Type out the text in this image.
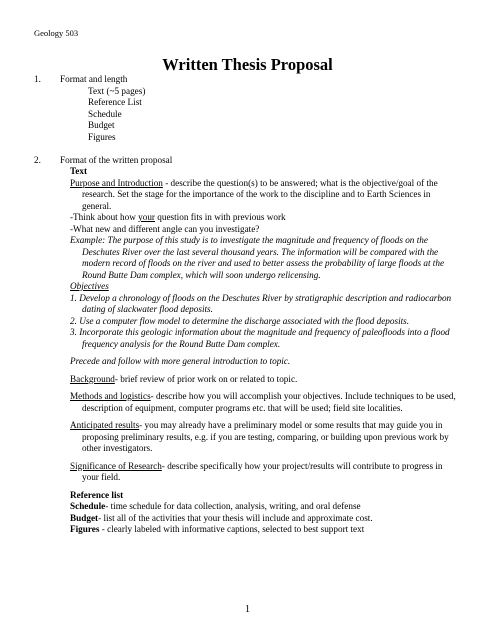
Geology 503
Written Thesis Proposal
1. Format and length
Text (~5 pages)
Reference List
Schedule
Budget
Figures
2. Format of the written proposal
Text
Purpose and Introduction - describe the question(s) to be answered; what is the objective/goal of the research. Set the stage for the importance of the work to the discipline and to Earth Sciences in general.
-Think about how your question fits in with previous work
-What new and different angle can you investigate?
Example: The purpose of this study is to investigate the magnitude and frequency of floods on the Deschutes River over the last several thousand years. The information will be compared with the modern record of floods on the river and used to better assess the probability of large floods at the Round Butte Dam complex, which will soon undergo relicensing.
Objectives
1. Develop a chronology of floods on the Deschutes River by stratigraphic description and radiocarbon dating of slackwater flood deposits.
2. Use a computer flow model to determine the discharge associated with the flood deposits.
3. Incorporate this geologic information about the magnitude and frequency of paleofloods into a flood frequency analysis for the Round Butte Dam complex.
Precede and follow with more general introduction to topic.
Background- brief review of prior work on or related to topic.
Methods and logistics- describe how you will accomplish your objectives. Include techniques to be used, description of equipment, computer programs etc. that will be used; field site localities.
Anticipated results- you may already have a preliminary model or some results that may guide you in proposing preliminary results, e.g. if you are testing, comparing, or building upon previous work by other investigators.
Significance of Research- describe specifically how your project/results will contribute to progress in your field.
Reference list
Schedule- time schedule for data collection, analysis, writing, and oral defense
Budget- list all of the activities that your thesis will include and approximate cost.
Figures - clearly labeled with informative captions, selected to best support text
1
